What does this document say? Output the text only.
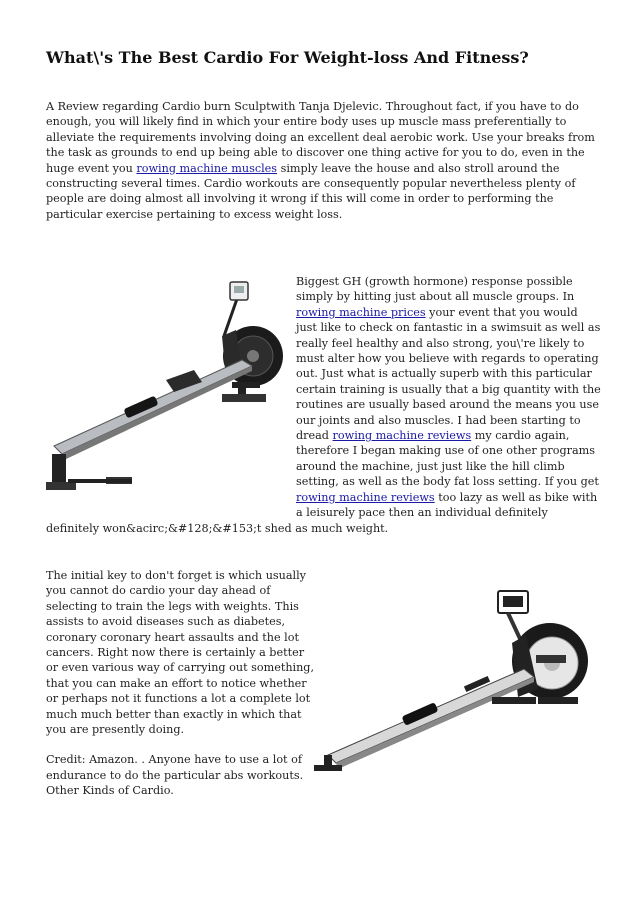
What\'s The Best Cardio For Weight-loss And Fitness?

A Review regarding Cardio burn Sculptwith Tanja Djelevic. Throughout fact, if you have to do enough, you will likely find in which your entire body uses up muscle mass preferentially to alleviate the requirements involving doing an excellent deal aerobic work. Use your breaks from the task as grounds to end up being able to discover one thing active for you to do, even in the huge event you rowing machine muscles simply leave the house and also stroll around the constructing several times. Cardio workouts are consequently popular nevertheless plenty of people are doing almost all involving it wrong if this will come in order to performing the particular exercise pertaining to excess weight loss.

Biggest GH (growth hormone) response possible simply by hitting just about all muscle groups. In rowing machine prices your event that you would just like to check on fantastic in a swimsuit as well as really feel healthy and also strong, you\'re likely to must alter how you believe with regards to operating out. Just what is actually superb with this particular certain training is usually that a big quantity with the routines are usually based around the means you use our joints and also muscles. I had been starting to dread rowing machine reviews my cardio again, therefore I began making use of one other programs around the machine, just just like the hill climb setting, as well as the body fat loss setting. If you get rowing machine reviews too lazy as well as bike with a leisurely pace then an individual definitely definitely won&acirc;&#128;&#153;t shed as much weight.

The initial key to don't forget is which usually you cannot do cardio your day ahead of selecting to train the legs with weights. This assists to avoid diseases such as diabetes, coronary coronary heart assaults and the lot cancers. Right now there is certainly a better or even various way of carrying out something, that you can make an effort to notice whether or perhaps not it functions a lot a complete lot much much better than exactly in which that you are presently doing.

Credit: Amazon. . Anyone have to use a lot of endurance to do the particular abs workouts. Other Kinds of Cardio.
